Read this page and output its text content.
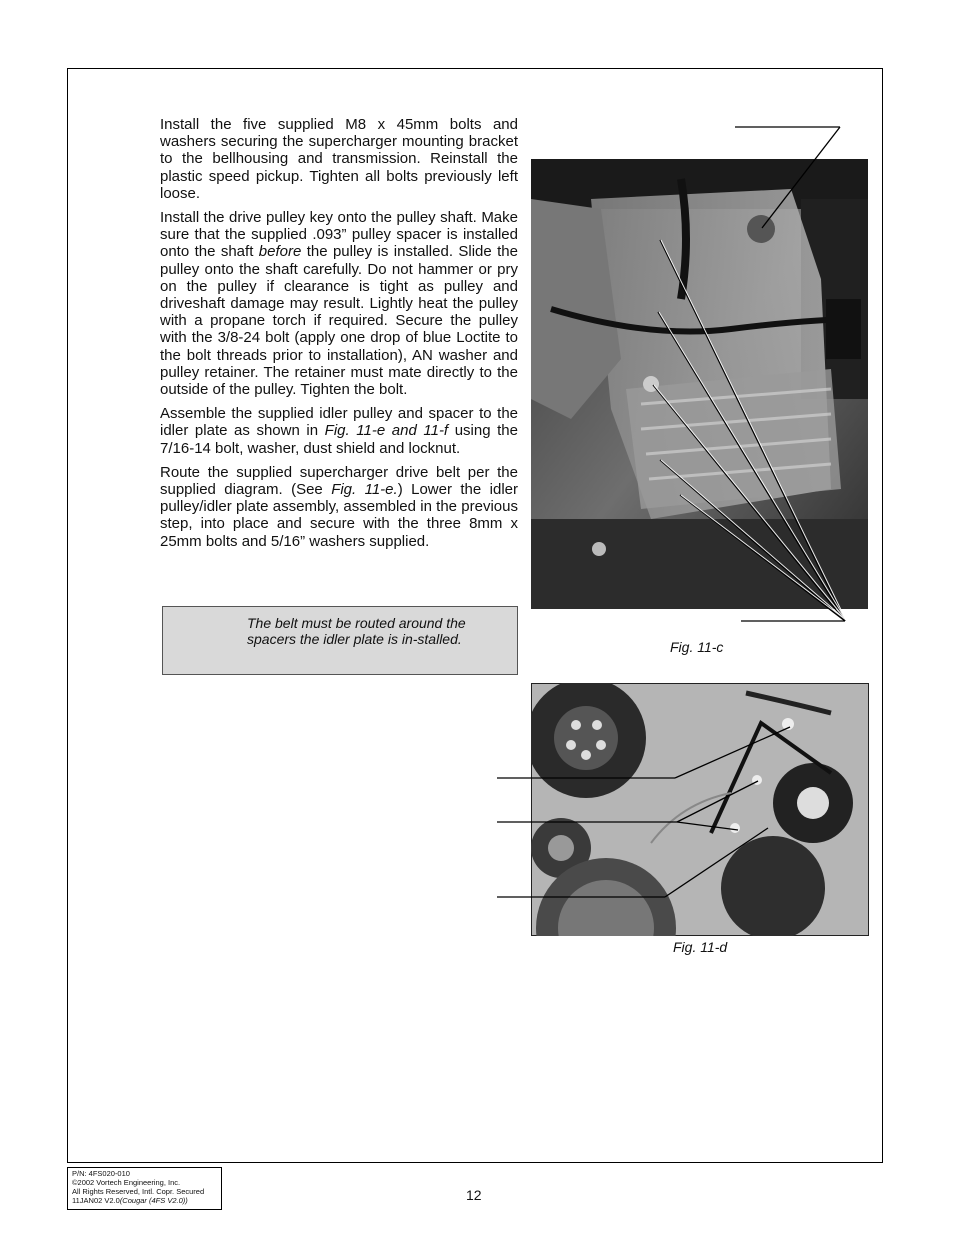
Install the five supplied M8 x 45mm bolts and washers securing the supercharger mounting bracket to the bellhousing and transmission. Reinstall the plastic speed pickup. Tighten all bolts previously left loose.

Install the drive pulley key onto the pulley shaft. Make sure that the supplied .093” pulley spacer is installed onto the shaft before the pulley is installed. Slide the pulley onto the shaft carefully. Do not hammer or pry on the pulley if clearance is tight as pulley and driveshaft damage may result. Lightly heat the pulley with a propane torch if required. Secure the pulley with the 3/8-24 bolt (apply one drop of blue Loctite to the bolt threads prior to installation), AN washer and pulley retainer. The retainer must mate directly to the outside of the pulley. Tighten the bolt.

Assemble the supplied idler pulley and spacer to the idler plate as shown in Fig. 11-e and 11-f using the 7/16-14 bolt, washer, dust shield and locknut.

Route the supplied supercharger drive belt per the supplied diagram. (See Fig. 11-e.) Lower the idler pulley/idler plate assembly, assembled in the previous step, into place and secure with the three 8mm x 25mm bolts and 5/16” washers supplied.

The belt must be routed around the spacers the idler plate is in-stalled.	Fig. 11-c
Fig. 11-d
P/N: 4FS020-010
©2002 Vortech Engineering, Inc.
All Rights Reserved, Intl. Copr. Secured
11JAN02 V2.0(Cougar (4FS V2.0))	12
